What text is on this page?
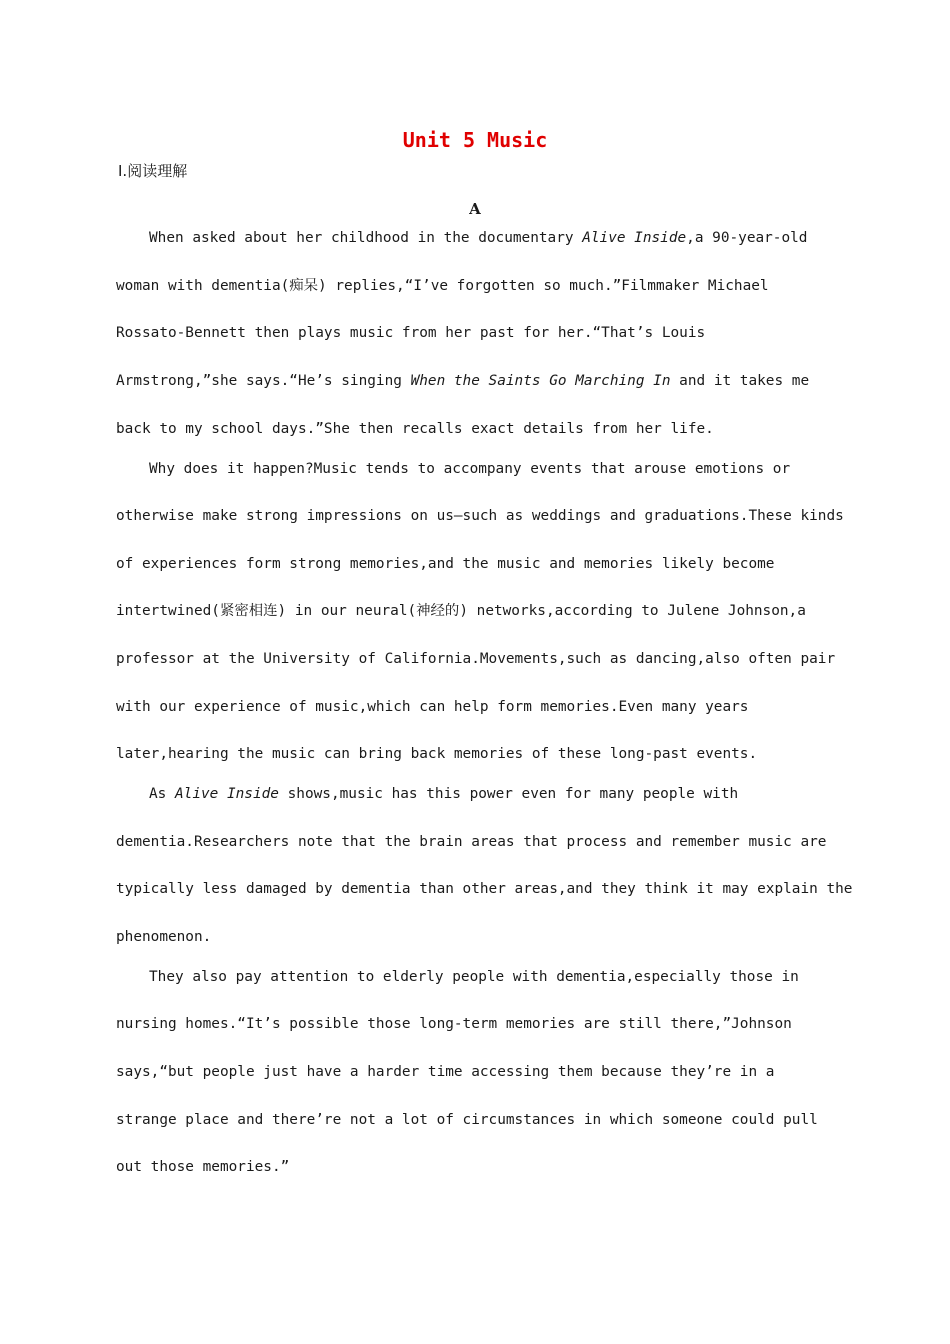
Unit 5 Music
Ⅰ.阅读理解
A
When asked about her childhood in the documentary Alive Inside,a 90-year-old
woman with dementia(痴呆) replies,“I’ve forgotten so much.”Filmmaker Michael
Rossato-Bennett then plays music from her past for her.“That’s Louis
Armstrong,”she says.“He’s singing When the Saints Go Marching In and it takes me
back to my school days.”She then recalls exact details from her life.
Why does it happen?Music tends to accompany events that arouse emotions or
otherwise make strong impressions on us—such as weddings and graduations.These kinds
of experiences form strong memories,and the music and memories likely become
intertwined(紧密相连) in our neural(神经的) networks,according to Julene Johnson,a
professor at the University of California.Movements,such as dancing,also often pair
with our experience of music,which can help form memories.Even many years
later,hearing the music can bring back memories of these long-past events.
As Alive Inside shows,music has this power even for many people with
dementia.Researchers note that the brain areas that process and remember music are
typically less damaged by dementia than other areas,and they think it may explain the
phenomenon.
They also pay attention to elderly people with dementia,especially those in
nursing homes.“It’s possible those long-term memories are still there,”Johnson
says,“but people just have a harder time accessing them because they’re in a
strange place and there’re not a lot of circumstances in which someone could pull
out those memories.”
